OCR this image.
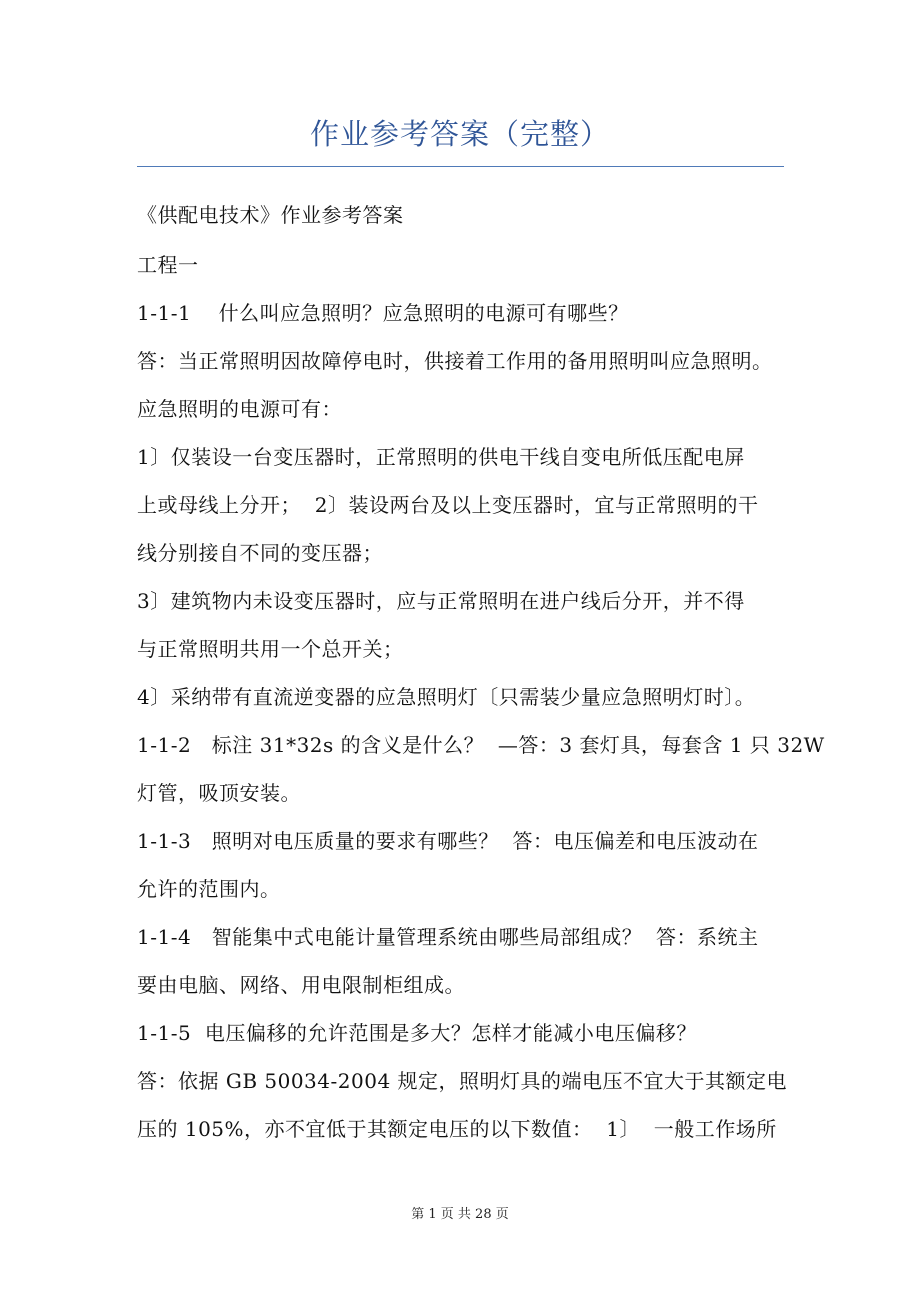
作业参考答案（完整）
《供配电技术》作业参考答案
工程一
1-1-1    什么叫应急照明？应急照明的电源可有哪些？
答：当正常照明因故障停电时，供接着工作用的备用照明叫应急照明。
应急照明的电源可有：
1〕仅装设一台变压器时，正常照明的供电干线自变电所低压配电屏
上或母线上分开；  2〕装设两台及以上变压器时，宜与正常照明的干
线分别接自不同的变压器；
3〕建筑物内未设变压器时，应与正常照明在进户线后分开，并不得
与正常照明共用一个总开关；
4〕采纳带有直流逆变器的应急照明灯〔只需装少量应急照明灯时〕。
1-1-2   标注 31*32s 的含义是什么？  —答：3 套灯具，每套含 1 只 32W
灯管，吸顶安装。
1-1-3   照明对电压质量的要求有哪些？  答：电压偏差和电压波动在
允许的范围内。
1-1-4   智能集中式电能计量管理系统由哪些局部组成？  答：系统主
要由电脑、网络、用电限制柜组成。
1-1-5  电压偏移的允许范围是多大？怎样才能减小电压偏移？
答：依据 GB 50034-2004 规定，照明灯具的端电压不宜大于其额定电
压的 105%，亦不宜低于其额定电压的以下数值：  1〕  一般工作场所
第 1 页 共 28 页
